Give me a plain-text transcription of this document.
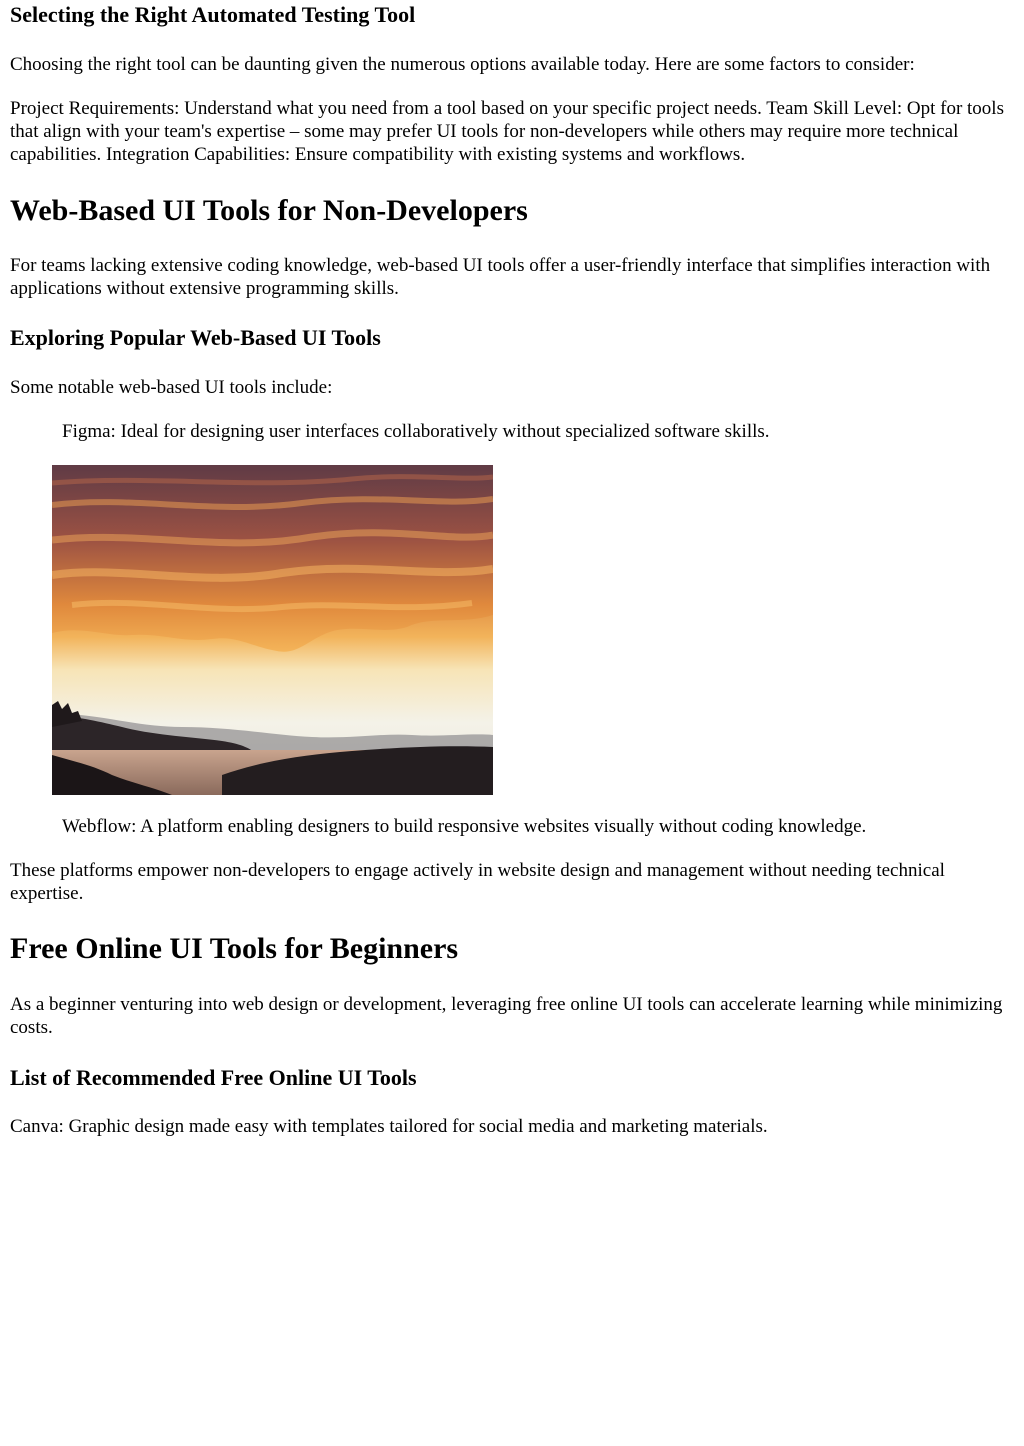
Selecting the Right Automated Testing Tool

Choosing the right tool can be daunting given the numerous options available today. Here are some factors to consider:

Project Requirements: Understand what you need from a tool based on your specific project needs. Team Skill Level: Opt for tools that align with your team's expertise – some may prefer UI tools for non-developers while others may require more technical capabilities. Integration Capabilities: Ensure compatibility with existing systems and workflows.

Web-Based UI Tools for Non-Developers

For teams lacking extensive coding knowledge, web-based UI tools offer a user-friendly interface that simplifies interaction with applications without extensive programming skills.

Exploring Popular Web-Based UI Tools

Some notable web-based UI tools include:

Figma: Ideal for designing user interfaces collaboratively without specialized software skills.

Webflow: A platform enabling designers to build responsive websites visually without coding knowledge.

These platforms empower non-developers to engage actively in website design and management without needing technical expertise.

Free Online UI Tools for Beginners

As a beginner venturing into web design or development, leveraging free online UI tools can accelerate learning while minimizing costs.

List of Recommended Free Online UI Tools

Canva: Graphic design made easy with templates tailored for social media and marketing materials.
